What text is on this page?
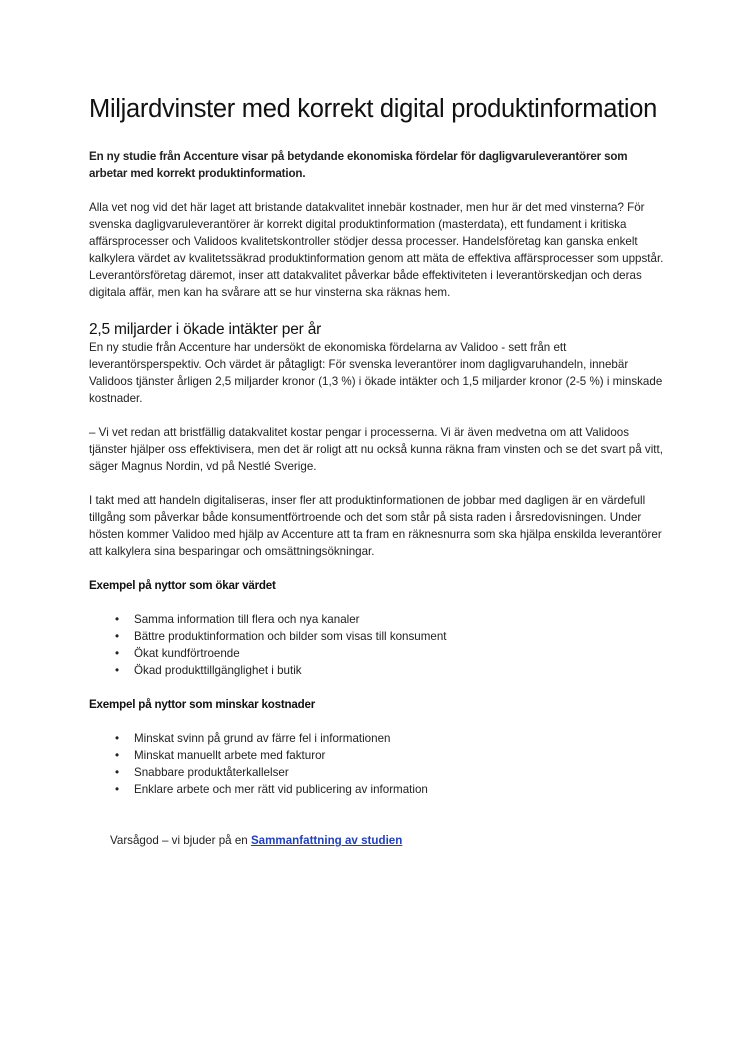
Miljardvinster med korrekt digital produktinformation

En ny studie från Accenture visar på betydande ekonomiska fördelar för dagligvaruleverantörer som arbetar med korrekt produktinformation.

Alla vet nog vid det här laget att bristande datakvalitet innebär kostnader, men hur är det med vinsterna? För svenska dagligvaruleverantörer är korrekt digital produktinformation (masterdata), ett fundament i kritiska affärsprocesser och Validoos kvalitetskontroller stödjer dessa processer. Handelsföretag kan ganska enkelt kalkylera värdet av kvalitetssäkrad produktinformation genom att mäta de effektiva affärsprocesser som uppstår. Leverantörsföretag däremot, inser att datakvalitet påverkar både effektiviteten i leverantörskedjan och deras digitala affär, men kan ha svårare att se hur vinsterna ska räknas hem.

2,5 miljarder i ökade intäkter per år

En ny studie från Accenture har undersökt de ekonomiska fördelarna av Validoo - sett från ett leverantörsperspektiv. Och värdet är påtagligt: För svenska leverantörer inom dagligvaruhandeln, innebär Validoos tjänster årligen 2,5 miljarder kronor (1,3 %) i ökade intäkter och 1,5 miljarder kronor (2-5 %) i minskade kostnader.

– Vi vet redan att bristfällig datakvalitet kostar pengar i processerna. Vi är även medvetna om att Validoos tjänster hjälper oss effektivisera, men det är roligt att nu också kunna räkna fram vinsten och se det svart på vitt, säger Magnus Nordin, vd på Nestlé Sverige.

I takt med att handeln digitaliseras, inser fler att produktinformationen de jobbar med dagligen är en värdefull tillgång som påverkar både konsumentförtroende och det som står på sista raden i årsredovisningen. Under hösten kommer Validoo med hjälp av Accenture att ta fram en räknesnurra som ska hjälpa enskilda leverantörer att kalkylera sina besparingar och omsättningsökningar.

Exempel på nyttor som ökar värdet
• Samma information till flera och nya kanaler
• Bättre produktinformation och bilder som visas till konsument
• Ökat kundförtroende
• Ökad produkttillgänglighet i butik
Exempel på nyttor som minskar kostnader
• Minskat svinn på grund av färre fel i informationen
• Minskat manuellt arbete med fakturor
• Snabbare produktåterkallelser
• Enklare arbete och mer rätt vid publicering av information
Varsågod – vi bjuder på en Sammanfattning av studien
